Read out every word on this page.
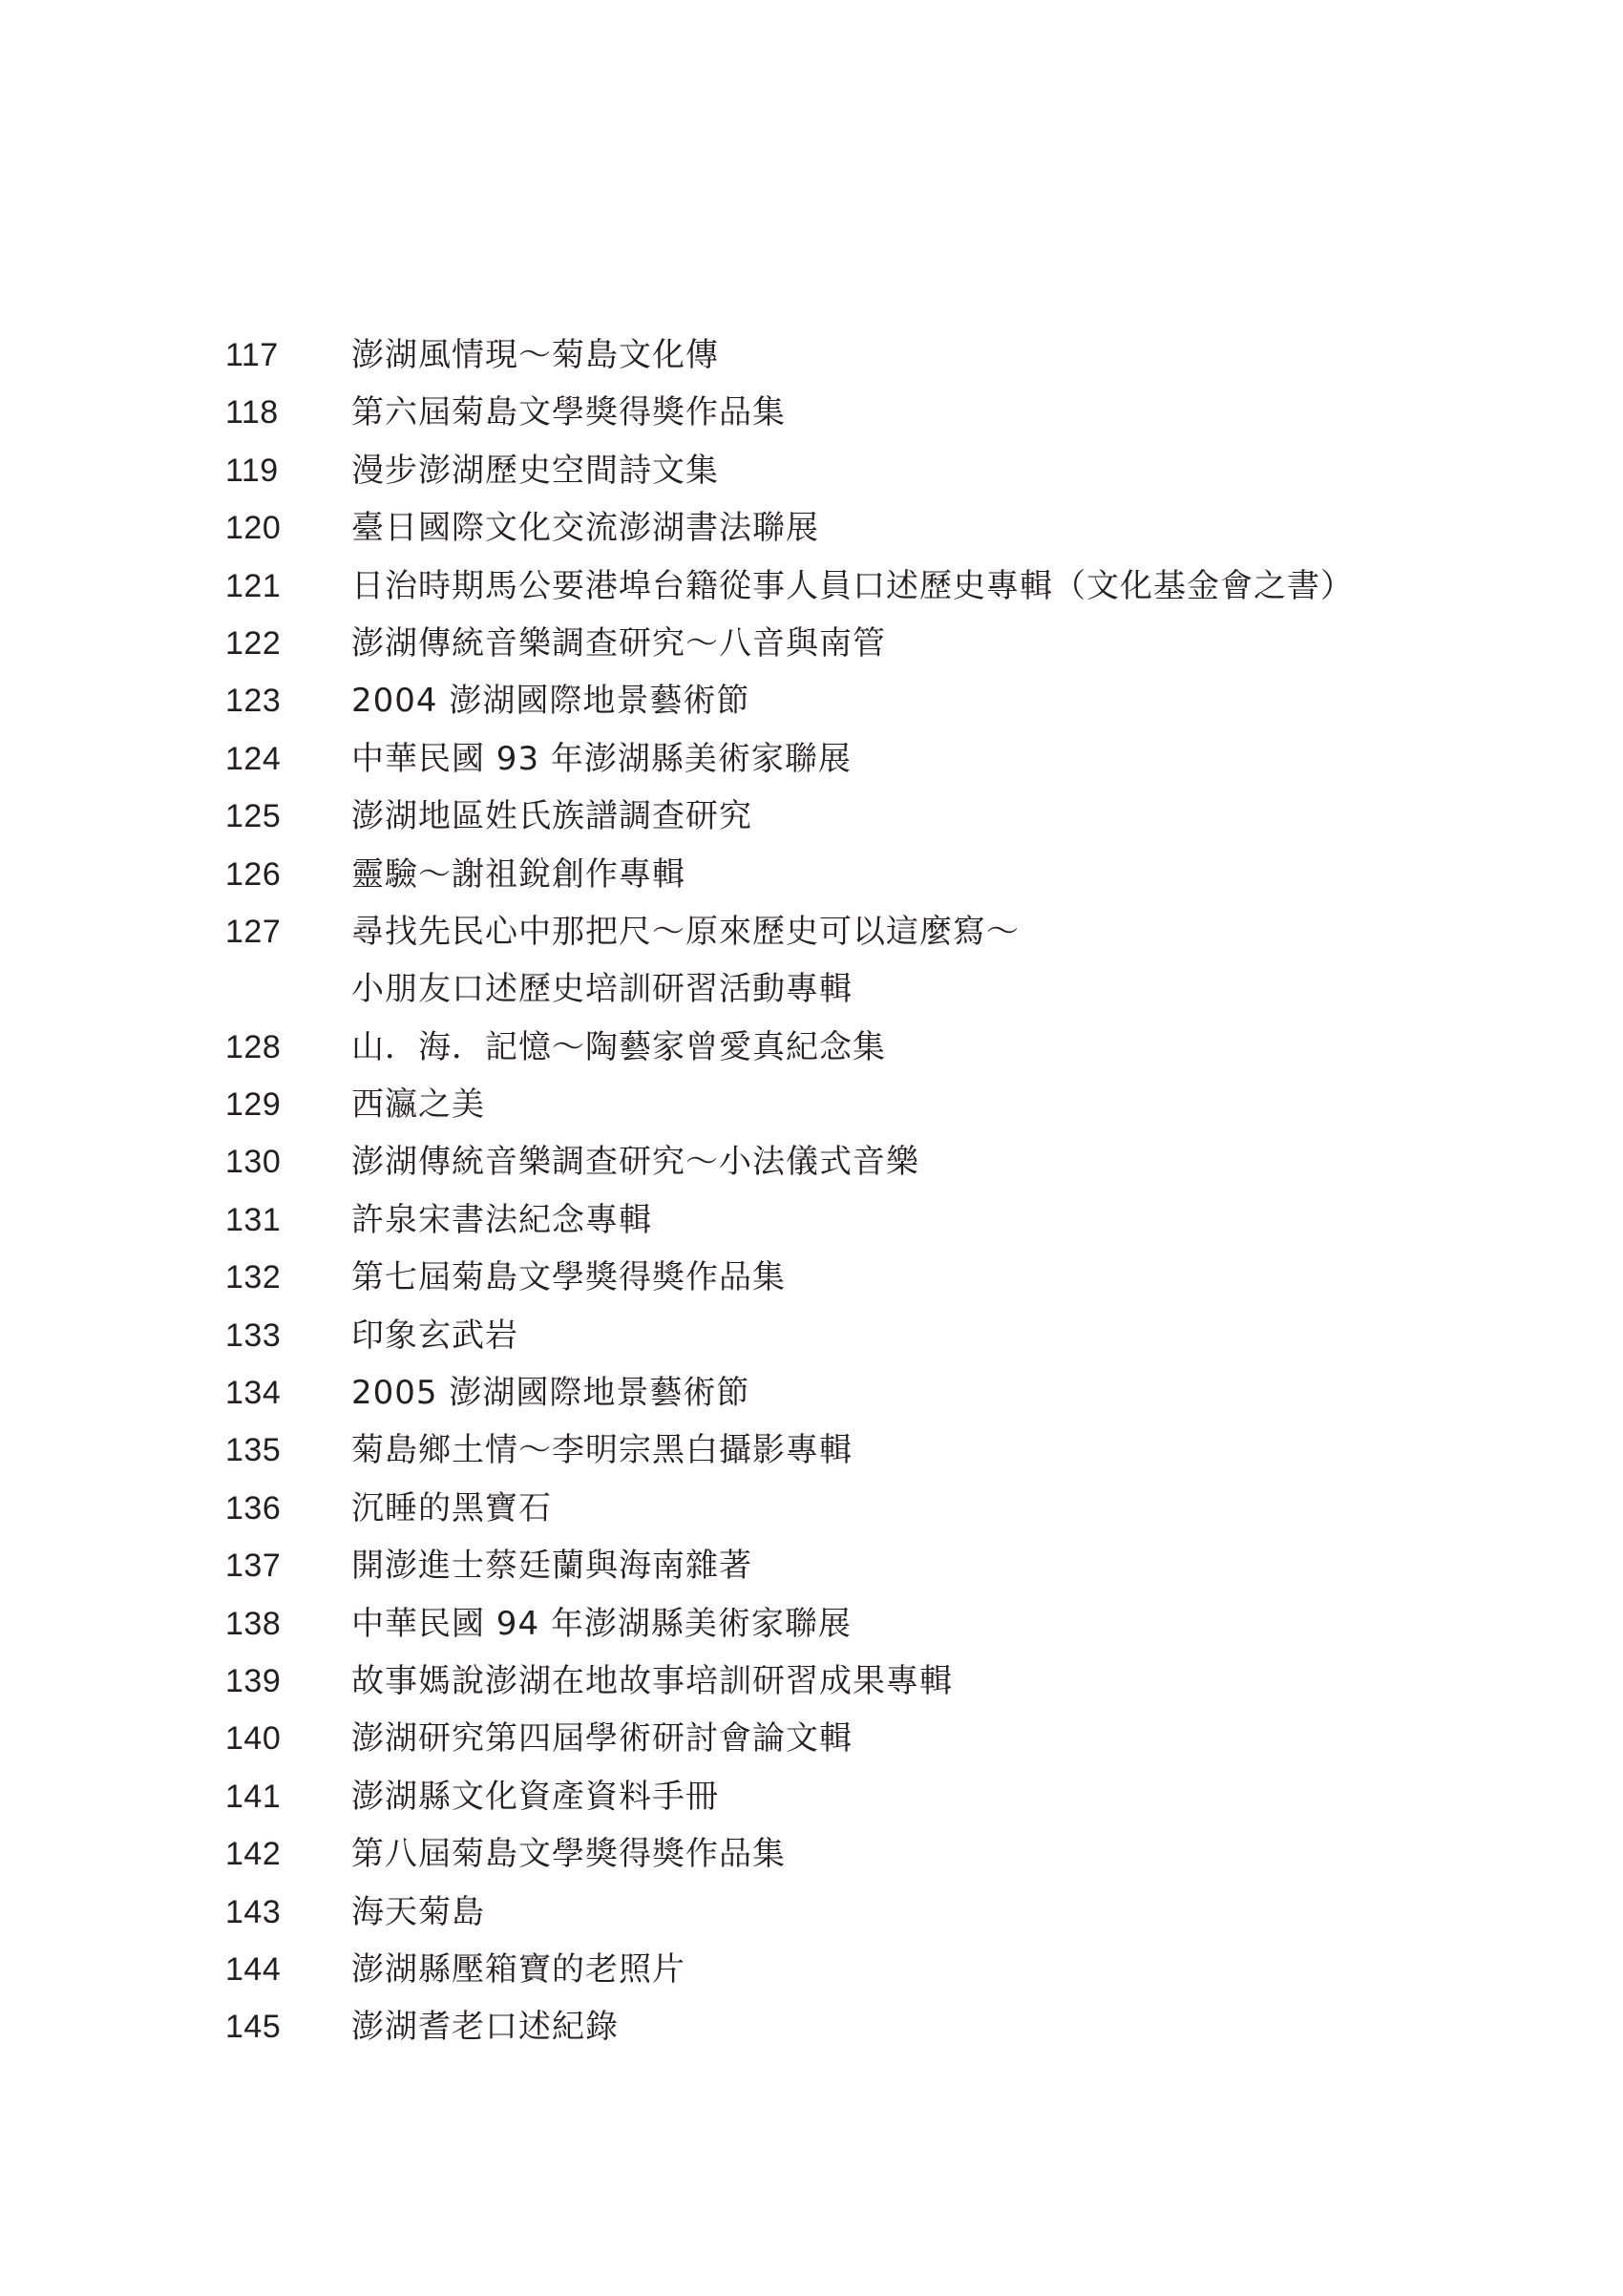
117	澎湖風情現～菊島文化傳
118	第六屆菊島文學獎得獎作品集
119	漫步澎湖歷史空間詩文集
120	臺日國際文化交流澎湖書法聯展
121	日治時期馬公要港埠台籍從事人員口述歷史專輯（文化基金會之書）
122	澎湖傳統音樂調查研究～八音與南管
123	2004 澎湖國際地景藝術節
124	中華民國 93 年澎湖縣美術家聯展
125	澎湖地區姓氏族譜調查研究
126	靈驗～謝祖銳創作專輯
127	尋找先民心中那把尺～原來歷史可以這麼寫～
小朋友口述歷史培訓研習活動專輯
128	山．海．記憶～陶藝家曾愛真紀念集
129	西瀛之美
130	澎湖傳統音樂調查研究～小法儀式音樂
131	許泉宋書法紀念專輯
132	第七屆菊島文學獎得獎作品集
133	印象玄武岩
134	2005 澎湖國際地景藝術節
135	菊島鄉土情～李明宗黑白攝影專輯
136	沉睡的黑寶石
137	開澎進士蔡廷蘭與海南雜著
138	中華民國 94 年澎湖縣美術家聯展
139	故事媽說澎湖在地故事培訓研習成果專輯
140	澎湖研究第四屆學術研討會論文輯
141	澎湖縣文化資產資料手冊
142	第八屆菊島文學獎得獎作品集
143	海天菊島
144	澎湖縣壓箱寶的老照片
145	澎湖耆老口述紀錄
